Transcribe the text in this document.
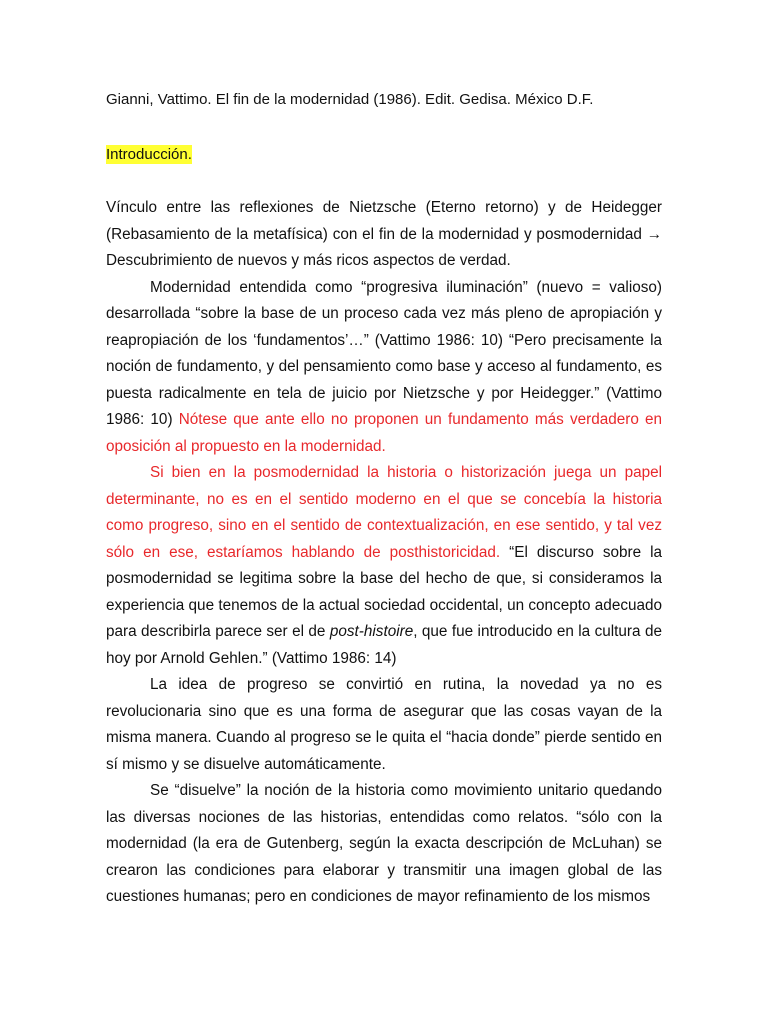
Gianni, Vattimo. El fin de la modernidad (1986). Edit. Gedisa. México D.F.
Introducción.

Vínculo entre las reflexiones de Nietzsche (Eterno retorno) y de Heidegger (Rebasamiento de la metafísica) con el fin de la modernidad y posmodernidad → Descubrimiento de nuevos y más ricos aspectos de verdad.

Modernidad entendida como “progresiva iluminación” (nuevo = valioso) desarrollada “sobre la base de un proceso cada vez más pleno de apropiación y reapropiación de los ‘fundamentos’…” (Vattimo 1986: 10) “Pero precisamente la noción de fundamento, y del pensamiento como base y acceso al fundamento, es puesta radicalmente en tela de juicio por Nietzsche y por Heidegger.” (Vattimo 1986: 10) Nótese que ante ello no proponen un fundamento más verdadero en oposición al propuesto en la modernidad.

Si bien en la posmodernidad la historia o historización juega un papel determinante, no es en el sentido moderno en el que se concebía la historia como progreso, sino en el sentido de contextualización, en ese sentido, y tal vez sólo en ese, estaríamos hablando de posthistoricidad. “El discurso sobre la posmodernidad se legitima sobre la base del hecho de que, si consideramos la experiencia que tenemos de la actual sociedad occidental, un concepto adecuado para describirla parece ser el de post-histoire, que fue introducido en la cultura de hoy por Arnold Gehlen.” (Vattimo 1986: 14)

La idea de progreso se convirtió en rutina, la novedad ya no es revolucionaria sino que es una forma de asegurar que las cosas vayan de la misma manera. Cuando al progreso se le quita el “hacia donde” pierde sentido en sí mismo y se disuelve automáticamente.

Se “disuelve” la noción de la historia como movimiento unitario quedando las diversas nociones de las historias, entendidas como relatos. “sólo con la modernidad (la era de Gutenberg, según la exacta descripción de McLuhan) se crearon las condiciones para elaborar y transmitir una imagen global de las cuestiones humanas; pero en condiciones de mayor refinamiento de los mismos
